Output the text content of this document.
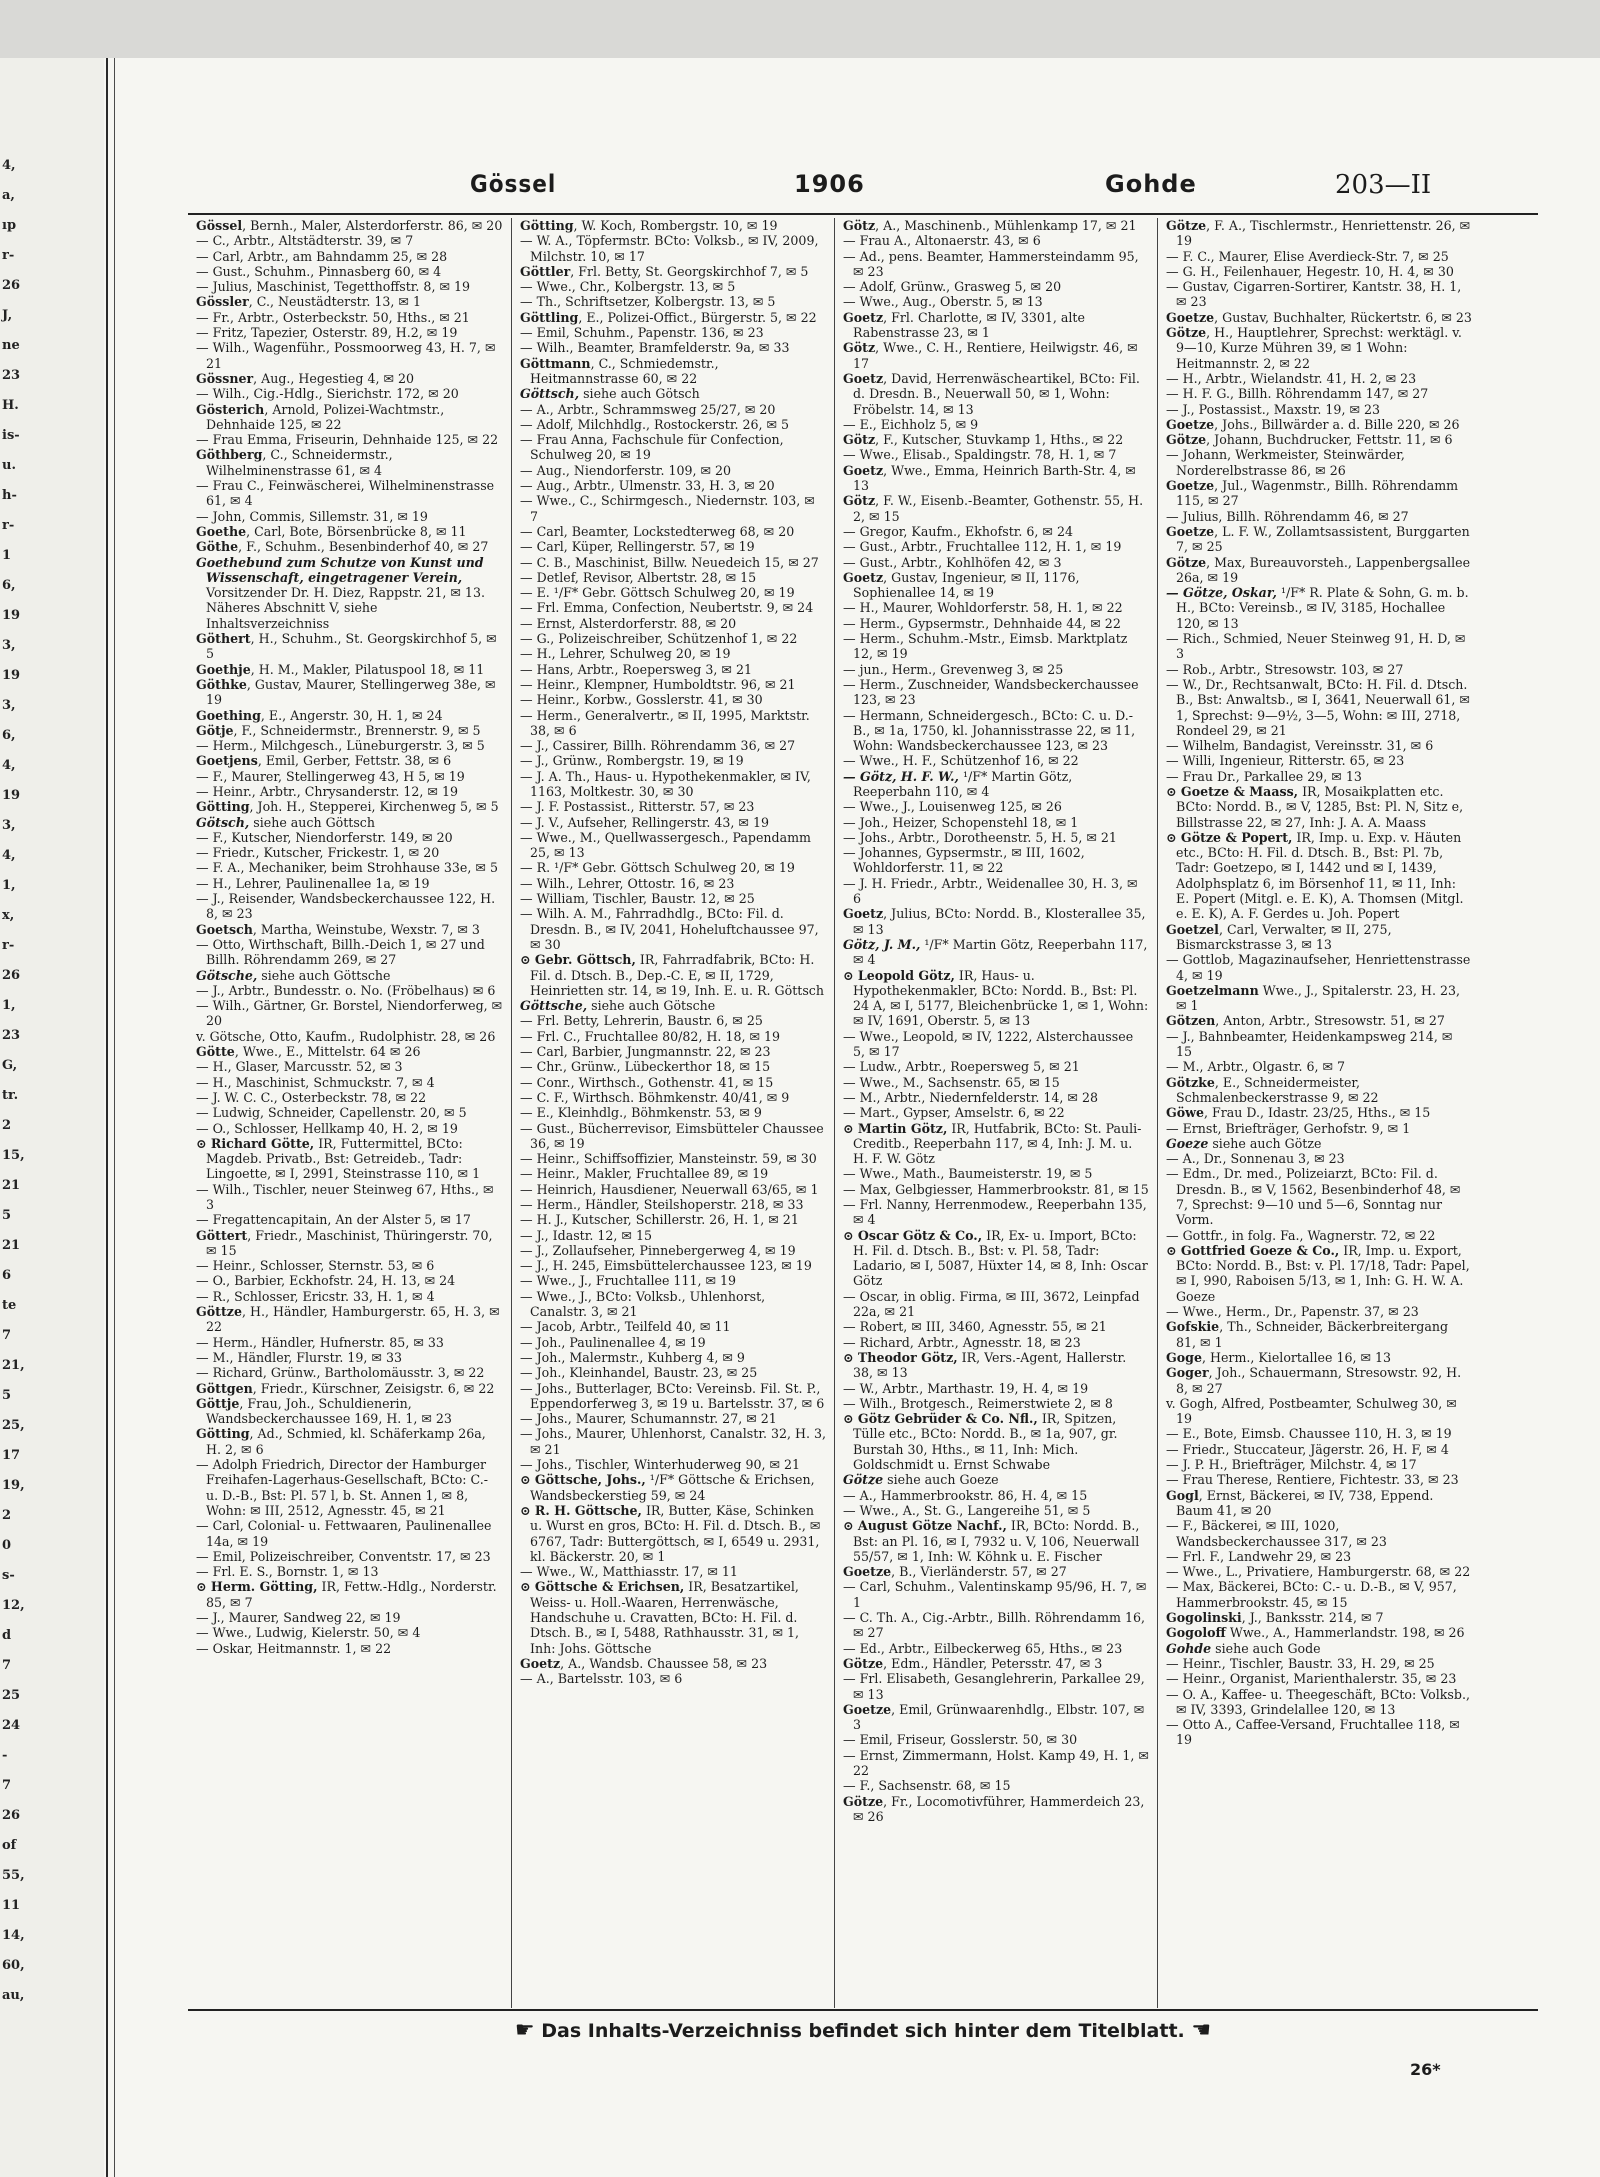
4,
a,
ıp
r-
26
J,
ne
23
H.
is-
u.
h-
r-
1
6,
19
3,
19
3,
6,
4,
19
3,
4,
1,
x,
r-
26
1,
23
G,
tr.
2
15,
21
5
21
6
te
7
21,
5
25,
17
19,
2
0
s-
12,
d
7
25
24
-
7
26
of
55,
11
14,
60,
au,
Gössel	1906	Gohde	203—II

Gössel, Bernh., Maler, Alsterdorferstr. 86, ✉ 20

— C., Arbtr., Altstädterstr. 39, ✉ 7

— Carl, Arbtr., am Bahndamm 25, ✉ 28

— Gust., Schuhm., Pinnasberg 60, ✉ 4

— Julius, Maschinist, Tegetthoffstr. 8, ✉ 19

Gössler, C., Neustädterstr. 13, ✉ 1

— Fr., Arbtr., Osterbeckstr. 50, Hths., ✉ 21

— Fritz, Tapezier, Osterstr. 89, H.2, ✉ 19

— Wilh., Wagenführ., Possmoorweg 43, H. 7, ✉ 21

Gössner, Aug., Hegestieg 4, ✉ 20

— Wilh., Cig.-Hdlg., Sierichstr. 172, ✉ 20

Gösterich, Arnold, Polizei-Wachtmstr., Dehnhaide 125, ✉ 22

— Frau Emma, Friseurin, Dehnhaide 125, ✉ 22

Göthberg, C., Schneidermstr., Wilhelminenstrasse 61, ✉ 4

— Frau C., Feinwäscherei, Wilhelminenstrasse 61, ✉ 4

— John, Commis, Sillemstr. 31, ✉ 19

Goethe, Carl, Bote, Börsenbrücke 8, ✉ 11

Göthe, F., Schuhm., Besenbinderhof 40, ✉ 27

Goethebund zum Schutze von Kunst und Wissenschaft, eingetragener Verein, Vorsitzender Dr. H. Diez, Rappstr. 21, ✉ 13. Näheres Abschnitt V, siehe Inhaltsverzeichniss

Göthert, H., Schuhm., St. Georgskirchhof 5, ✉ 5

Goethje, H. M., Makler, Pilatuspool 18, ✉ 11

Göthke, Gustav, Maurer, Stellingerweg 38e, ✉ 19

Goething, E., Angerstr. 30, H. 1, ✉ 24

Götje, F., Schneidermstr., Brennerstr. 9, ✉ 5

— Herm., Milchgesch., Lüneburgerstr. 3, ✉ 5

Goetjens, Emil, Gerber, Fettstr. 38, ✉ 6

— F., Maurer, Stellingerweg 43, H 5, ✉ 19

— Heinr., Arbtr., Chrysanderstr. 12, ✉ 19

Götting, Joh. H., Stepperei, Kirchenweg 5, ✉ 5

Götsch, siehe auch Göttsch

— F., Kutscher, Niendorferstr. 149, ✉ 20

— Friedr., Kutscher, Frickestr. 1, ✉ 20

— F. A., Mechaniker, beim Strohhause 33e, ✉ 5

— H., Lehrer, Paulinenallee 1a, ✉ 19

— J., Reisender, Wandsbeckerchaussee 122, H. 8, ✉ 23

Goetsch, Martha, Weinstube, Wexstr. 7, ✉ 3

— Otto, Wirthschaft, Billh.-Deich 1, ✉ 27 und Billh. Röhrendamm 269, ✉ 27

Götsche, siehe auch Göttsche

— J., Arbtr., Bundesstr. o. No. (Fröbelhaus) ✉ 6

— Wilh., Gärtner, Gr. Borstel, Niendorferweg, ✉ 20

v. Götsche, Otto, Kaufm., Rudolphistr. 28, ✉ 26

Götte, Wwe., E., Mittelstr. 64 ✉ 26

— H., Glaser, Marcusstr. 52, ✉ 3

— H., Maschinist, Schmuckstr. 7, ✉ 4

— J. W. C. C., Osterbeckstr. 78, ✉ 22

— Ludwig, Schneider, Capellenstr. 20, ✉ 5

— O., Schlosser, Hellkamp 40, H. 2, ✉ 19

⊙ Richard Götte, IR, Futtermittel, BCto: Magdeb. Privatb., Bst: Getreideb., Tadr: Lingoette, ✉ I, 2991, Steinstrasse 110, ✉ 1

— Wilh., Tischler, neuer Steinweg 67, Hths., ✉ 3

— Fregattencapitain, An der Alster 5, ✉ 17

Göttert, Friedr., Maschinist, Thüringerstr. 70, ✉ 15

— Heinr., Schlosser, Sternstr. 53, ✉ 6

— O., Barbier, Eckhofstr. 24, H. 13, ✉ 24

— R., Schlosser, Ericstr. 33, H. 1, ✉ 4

Göttze, H., Händler, Hamburgerstr. 65, H. 3, ✉ 22

— Herm., Händler, Hufnerstr. 85, ✉ 33

— M., Händler, Flurstr. 19, ✉ 33

— Richard, Grünw., Bartholomäusstr. 3, ✉ 22

Göttgen, Friedr., Kürschner, Zeisigstr. 6, ✉ 22

Göttje, Frau, Joh., Schuldienerin, Wandsbeckerchaussee 169, H. 1, ✉ 23

Götting, Ad., Schmied, kl. Schäferkamp 26a, H. 2, ✉ 6

— Adolph Friedrich, Director der Hamburger Freihafen-Lagerhaus-Gesellschaft, BCto: C.- u. D.-B., Bst: Pl. 57 l, b. St. Annen 1, ✉ 8, Wohn: ✉ III, 2512, Agnesstr. 45, ✉ 21

— Carl, Colonial- u. Fettwaaren, Paulinenallee 14a, ✉ 19

— Emil, Polizeischreiber, Conventstr. 17, ✉ 23

— Frl. E. S., Bornstr. 1, ✉ 13

⊙ Herm. Götting, IR, Fettw.-Hdlg., Norderstr. 85, ✉ 7

— J., Maurer, Sandweg 22, ✉ 19

— Wwe., Ludwig, Kielerstr. 50, ✉ 4

— Oskar, Heitmannstr. 1, ✉ 22

Götting, W. Koch, Rombergstr. 10, ✉ 19

— W. A., Töpfermstr. BCto: Volksb., ✉ IV, 2009, Milchstr. 10, ✉ 17

Göttler, Frl. Betty, St. Georgskirchhof 7, ✉ 5

— Wwe., Chr., Kolbergstr. 13, ✉ 5

— Th., Schriftsetzer, Kolbergstr. 13, ✉ 5

Göttling, E., Polizei-Offict., Bürgerstr. 5, ✉ 22

— Emil, Schuhm., Papenstr. 136, ✉ 23

— Wilh., Beamter, Bramfelderstr. 9a, ✉ 33

Göttmann, C., Schmiedemstr., Heitmannstrasse 60, ✉ 22

Göttsch, siehe auch Götsch

— A., Arbtr., Schrammsweg 25/27, ✉ 20

— Adolf, Milchhdlg., Rostockerstr. 26, ✉ 5

— Frau Anna, Fachschule für Confection, Schulweg 20, ✉ 19

— Aug., Niendorferstr. 109, ✉ 20

— Aug., Arbtr., Ulmenstr. 33, H. 3, ✉ 20

— Wwe., C., Schirmgesch., Niedernstr. 103, ✉ 7

— Carl, Beamter, Lockstedterweg 68, ✉ 20

— Carl, Küper, Rellingerstr. 57, ✉ 19

— C. B., Maschinist, Billw. Neuedeich 15, ✉ 27

— Detlef, Revisor, Albertstr. 28, ✉ 15

— E. ¹/F* Gebr. Göttsch Schulweg 20, ✉ 19

— Frl. Emma, Confection, Neubertstr. 9, ✉ 24

— Ernst, Alsterdorferstr. 88, ✉ 20

— G., Polizeischreiber, Schützenhof 1, ✉ 22

— H., Lehrer, Schulweg 20, ✉ 19

— Hans, Arbtr., Roepersweg 3, ✉ 21

— Heinr., Klempner, Humboldtstr. 96, ✉ 21

— Heinr., Korbw., Gosslerstr. 41, ✉ 30

— Herm., Generalvertr., ✉ II, 1995, Marktstr. 38, ✉ 6

— J., Cassirer, Billh. Röhrendamm 36, ✉ 27

— J., Grünw., Rombergstr. 19, ✉ 19

— J. A. Th., Haus- u. Hypothekenmakler, ✉ IV, 1163, Moltkestr. 30, ✉ 30

— J. F. Postassist., Ritterstr. 57, ✉ 23

— J. V., Aufseher, Rellingerstr. 43, ✉ 19

— Wwe., M., Quellwassergesch., Papendamm 25, ✉ 13

— R. ¹/F* Gebr. Göttsch Schulweg 20, ✉ 19

— Wilh., Lehrer, Ottostr. 16, ✉ 23

— William, Tischler, Baustr. 12, ✉ 25

— Wilh. A. M., Fahrradhdlg., BCto: Fil. d. Dresdn. B., ✉ IV, 2041, Hoheluftchaussee 97, ✉ 30

⊙ Gebr. Göttsch, IR, Fahrradfabrik, BCto: H. Fil. d. Dtsch. B., Dep.-C. E, ✉ II, 1729, Heinrietten str. 14, ✉ 19, Inh. E. u. R. Göttsch

Göttsche, siehe auch Götsche

— Frl. Betty, Lehrerin, Baustr. 6, ✉ 25

— Frl. C., Fruchtallee 80/82, H. 18, ✉ 19

— Carl, Barbier, Jungmannstr. 22, ✉ 23

— Chr., Grünw., Lübeckerthor 18, ✉ 15

— Conr., Wirthsch., Gothenstr. 41, ✉ 15

— C. F., Wirthsch. Böhmkenstr. 40/41, ✉ 9

— E., Kleinhdlg., Böhmkenstr. 53, ✉ 9

— Gust., Bücherrevisor, Eimsbütteler Chaussee 36, ✉ 19

— Heinr., Schiffsoffizier, Mansteinstr. 59, ✉ 30

— Heinr., Makler, Fruchtallee 89, ✉ 19

— Heinrich, Hausdiener, Neuerwall 63/65, ✉ 1

— Herm., Händler, Steilshoperstr. 218, ✉ 33

— H. J., Kutscher, Schillerstr. 26, H. 1, ✉ 21

— J., Idastr. 12, ✉ 15

— J., Zollaufseher, Pinnebergerweg 4, ✉ 19

— J., H. 245, Eimsbüttelerchaussee 123, ✉ 19

— Wwe., J., Fruchtallee 111, ✉ 19

— Wwe., J., BCto: Volksb., Uhlenhorst, Canalstr. 3, ✉ 21

— Jacob, Arbtr., Teilfeld 40, ✉ 11

— Joh., Paulinenallee 4, ✉ 19

— Joh., Malermstr., Kuhberg 4, ✉ 9

— Joh., Kleinhandel, Baustr. 23, ✉ 25

— Johs., Butterlager, BCto: Vereinsb. Fil. St. P., Eppendorferweg 3, ✉ 19 u. Bartelsstr. 37, ✉ 6

— Johs., Maurer, Schumannstr. 27, ✉ 21

— Johs., Maurer, Uhlenhorst, Canalstr. 32, H. 3, ✉ 21

— Johs., Tischler, Winterhuderweg 90, ✉ 21

⊙ Göttsche, Johs., ¹/F* Göttsche & Erichsen, Wandsbeckerstieg 59, ✉ 24

⊙ R. H. Göttsche, IR, Butter, Käse, Schinken u. Wurst en gros, BCto: H. Fil. d. Dtsch. B., ✉ 6767, Tadr: Buttergöttsch, ✉ I, 6549 u. 2931, kl. Bäckerstr. 20, ✉ 1

— Wwe., W., Matthiasstr. 17, ✉ 11

⊙ Göttsche & Erichsen, IR, Besatzartikel, Weiss- u. Holl.-Waaren, Herrenwäsche, Handschuhe u. Cravatten, BCto: H. Fil. d. Dtsch. B., ✉ I, 5488, Rathhausstr. 31, ✉ 1, Inh: Johs. Göttsche

Goetz, A., Wandsb. Chaussee 58, ✉ 23

— A., Bartelsstr. 103, ✉ 6

Götz, A., Maschinenb., Mühlenkamp 17, ✉ 21

— Frau A., Altonaerstr. 43, ✉ 6

— Ad., pens. Beamter, Hammersteindamm 95, ✉ 23

— Adolf, Grünw., Grasweg 5, ✉ 20

— Wwe., Aug., Oberstr. 5, ✉ 13

Goetz, Frl. Charlotte, ✉ IV, 3301, alte Rabenstrasse 23, ✉ 1

Götz, Wwe., C. H., Rentiere, Heilwigstr. 46, ✉ 17

Goetz, David, Herrenwäscheartikel, BCto: Fil. d. Dresdn. B., Neuerwall 50, ✉ 1, Wohn: Fröbelstr. 14, ✉ 13

— E., Eichholz 5, ✉ 9

Götz, F., Kutscher, Stuvkamp 1, Hths., ✉ 22

— Wwe., Elisab., Spaldingstr. 78, H. 1, ✉ 7

Goetz, Wwe., Emma, Heinrich Barth-Str. 4, ✉ 13

Götz, F. W., Eisenb.-Beamter, Gothenstr. 55, H. 2, ✉ 15

— Gregor, Kaufm., Ekhofstr. 6, ✉ 24

— Gust., Arbtr., Fruchtallee 112, H. 1, ✉ 19

— Gust., Arbtr., Kohlhöfen 42, ✉ 3

Goetz, Gustav, Ingenieur, ✉ II, 1176, Sophienallee 14, ✉ 19

— H., Maurer, Wohldorferstr. 58, H. 1, ✉ 22

— Herm., Gypsermstr., Dehnhaide 44, ✉ 22

— Herm., Schuhm.-Mstr., Eimsb. Marktplatz 12, ✉ 19

— jun., Herm., Grevenweg 3, ✉ 25

— Herm., Zuschneider, Wandsbeckerchaussee 123, ✉ 23

— Hermann, Schneidergesch., BCto: C. u. D.-B., ✉ 1a, 1750, kl. Johannisstrasse 22, ✉ 11, Wohn: Wandsbeckerchaussee 123, ✉ 23

— Wwe., H. F., Schützenhof 16, ✉ 22

— Götz, H. F. W., ¹/F* Martin Götz, Reeperbahn 110, ✉ 4

— Wwe., J., Louisenweg 125, ✉ 26

— Joh., Heizer, Schopenstehl 18, ✉ 1

— Johs., Arbtr., Dorotheenstr. 5, H. 5, ✉ 21

— Johannes, Gypsermstr., ✉ III, 1602, Wohldorferstr. 11, ✉ 22

— J. H. Friedr., Arbtr., Weidenallee 30, H. 3, ✉ 6

Goetz, Julius, BCto: Nordd. B., Klosterallee 35, ✉ 13

Götz, J. M., ¹/F* Martin Götz, Reeperbahn 117, ✉ 4

⊙ Leopold Götz, IR, Haus- u. Hypothekenmakler, BCto: Nordd. B., Bst: Pl. 24 A, ✉ I, 5177, Bleichenbrücke 1, ✉ 1, Wohn: ✉ IV, 1691, Oberstr. 5, ✉ 13

— Wwe., Leopold, ✉ IV, 1222, Alsterchaussee 5, ✉ 17

— Ludw., Arbtr., Roepersweg 5, ✉ 21

— Wwe., M., Sachsenstr. 65, ✉ 15

— M., Arbtr., Niedernfelderstr. 14, ✉ 28

— Mart., Gypser, Amselstr. 6, ✉ 22

⊙ Martin Götz, IR, Hutfabrik, BCto: St. Pauli-Creditb., Reeperbahn 117, ✉ 4, Inh: J. M. u. H. F. W. Götz

— Wwe., Math., Baumeisterstr. 19, ✉ 5

— Max, Gelbgiesser, Hammerbrookstr. 81, ✉ 15

— Frl. Nanny, Herrenmodew., Reeperbahn 135, ✉ 4

⊙ Oscar Götz & Co., IR, Ex- u. Import, BCto: H. Fil. d. Dtsch. B., Bst: v. Pl. 58, Tadr: Ladario, ✉ I, 5087, Hüxter 14, ✉ 8, Inh: Oscar Götz

— Oscar, in oblig. Firma, ✉ III, 3672, Leinpfad 22a, ✉ 21

— Robert, ✉ III, 3460, Agnesstr. 55, ✉ 21

— Richard, Arbtr., Agnesstr. 18, ✉ 23

⊙ Theodor Götz, IR, Vers.-Agent, Hallerstr. 38, ✉ 13

— W., Arbtr., Marthastr. 19, H. 4, ✉ 19

— Wilh., Brotgesch., Reimerstwiete 2, ✉ 8

⊙ Götz Gebrüder & Co. Nfl., IR, Spitzen, Tülle etc., BCto: Nordd. B., ✉ 1a, 907, gr. Burstah 30, Hths., ✉ 11, Inh: Mich. Goldschmidt u. Ernst Schwabe

Götze siehe auch Goeze

— A., Hammerbrookstr. 86, H. 4, ✉ 15

— Wwe., A., St. G., Langereihe 51, ✉ 5

⊙ August Götze Nachf., IR, BCto: Nordd. B., Bst: an Pl. 16, ✉ I, 7932 u. V, 106, Neuerwall 55/57, ✉ 1, Inh: W. Köhnk u. E. Fischer

Goetze, B., Vierländerstr. 57, ✉ 27

— Carl, Schuhm., Valentinskamp 95/96, H. 7, ✉ 1

— C. Th. A., Cig.-Arbtr., Billh. Röhrendamm 16, ✉ 27

— Ed., Arbtr., Eilbeckerweg 65, Hths., ✉ 23

Götze, Edm., Händler, Petersstr. 47, ✉ 3

— Frl. Elisabeth, Gesanglehrerin, Parkallee 29, ✉ 13

Goetze, Emil, Grünwaarenhdlg., Elbstr. 107, ✉ 3

— Emil, Friseur, Gosslerstr. 50, ✉ 30

— Ernst, Zimmermann, Holst. Kamp 49, H. 1, ✉ 22

— F., Sachsenstr. 68, ✉ 15

Götze, Fr., Locomotivführer, Hammerdeich 23, ✉ 26

Götze, F. A., Tischlermstr., Henriettenstr. 26, ✉ 19

— F. C., Maurer, Elise Averdieck-Str. 7, ✉ 25

— G. H., Feilenhauer, Hegestr. 10, H. 4, ✉ 30

— Gustav, Cigarren-Sortirer, Kantstr. 38, H. 1, ✉ 23

Goetze, Gustav, Buchhalter, Rückertstr. 6, ✉ 23

Götze, H., Hauptlehrer, Sprechst: werktägl. v. 9—10, Kurze Mühren 39, ✉ 1 Wohn: Heitmannstr. 2, ✉ 22

— H., Arbtr., Wielandstr. 41, H. 2, ✉ 23

— H. F. G., Billh. Röhrendamm 147, ✉ 27

— J., Postassist., Maxstr. 19, ✉ 23

Goetze, Johs., Billwärder a. d. Bille 220, ✉ 26

Götze, Johann, Buchdrucker, Fettstr. 11, ✉ 6

— Johann, Werkmeister, Steinwärder, Norderelbstrasse 86, ✉ 26

Goetze, Jul., Wagenmstr., Billh. Röhrendamm 115, ✉ 27

— Julius, Billh. Röhrendamm 46, ✉ 27

Goetze, L. F. W., Zollamtsassistent, Burggarten 7, ✉ 25

Götze, Max, Bureauvorsteh., Lappenbergsallee 26a, ✉ 19

— Götze, Oskar, ¹/F* R. Plate & Sohn, G. m. b. H., BCto: Vereinsb., ✉ IV, 3185, Hochallee 120, ✉ 13

— Rich., Schmied, Neuer Steinweg 91, H. D, ✉ 3

— Rob., Arbtr., Stresowstr. 103, ✉ 27

— W., Dr., Rechtsanwalt, BCto: H. Fil. d. Dtsch. B., Bst: Anwaltsb., ✉ I, 3641, Neuerwall 61, ✉ 1, Sprechst: 9—9½, 3—5, Wohn: ✉ III, 2718, Rondeel 29, ✉ 21

— Wilhelm, Bandagist, Vereinsstr. 31, ✉ 6

— Willi, Ingenieur, Ritterstr. 65, ✉ 23

— Frau Dr., Parkallee 29, ✉ 13

⊙ Goetze & Maass, IR, Mosaikplatten etc. BCto: Nordd. B., ✉ V, 1285, Bst: Pl. N, Sitz e, Billstrasse 22, ✉ 27, Inh: J. A. A. Maass

⊙ Götze & Popert, IR, Imp. u. Exp. v. Häuten etc., BCto: H. Fil. d. Dtsch. B., Bst: Pl. 7b, Tadr: Goetzepo, ✉ I, 1442 und ✉ I, 1439, Adolphsplatz 6, im Börsenhof 11, ✉ 11, Inh: E. Popert (Mitgl. e. E. K), A. Thomsen (Mitgl. e. E. K), A. F. Gerdes u. Joh. Popert

Goetzel, Carl, Verwalter, ✉ II, 275, Bismarckstrasse 3, ✉ 13

— Gottlob, Magazinaufseher, Henriettenstrasse 4, ✉ 19

Goetzelmann Wwe., J., Spitalerstr. 23, H. 23, ✉ 1

Götzen, Anton, Arbtr., Stresowstr. 51, ✉ 27

— J., Bahnbeamter, Heidenkampsweg 214, ✉ 15

— M., Arbtr., Olgastr. 6, ✉ 7

Götzke, E., Schneidermeister, Schmalenbeckerstrasse 9, ✉ 22

Göwe, Frau D., Idastr. 23/25, Hths., ✉ 15

— Ernst, Briefträger, Gerhofstr. 9, ✉ 1

Goeze siehe auch Götze

— A., Dr., Sonnenau 3, ✉ 23

— Edm., Dr. med., Polizeiarzt, BCto: Fil. d. Dresdn. B., ✉ V, 1562, Besenbinderhof 48, ✉ 7, Sprechst: 9—10 und 5—6, Sonntag nur Vorm.

— Gottfr., in folg. Fa., Wagnerstr. 72, ✉ 22

⊙ Gottfried Goeze & Co., IR, Imp. u. Export, BCto: Nordd. B., Bst: v. Pl. 17/18, Tadr: Papel, ✉ I, 990, Raboisen 5/13, ✉ 1, Inh: G. H. W. A. Goeze

— Wwe., Herm., Dr., Papenstr. 37, ✉ 23

Gofskie, Th., Schneider, Bäckerbreitergang 81, ✉ 1

Goge, Herm., Kielortallee 16, ✉ 13

Goger, Joh., Schauermann, Stresowstr. 92, H. 8, ✉ 27

v. Gogh, Alfred, Postbeamter, Schulweg 30, ✉ 19

— E., Bote, Eimsb. Chaussee 110, H. 3, ✉ 19

— Friedr., Stuccateur, Jägerstr. 26, H. F, ✉ 4

— J. P. H., Briefträger, Milchstr. 4, ✉ 17

— Frau Therese, Rentiere, Fichtestr. 33, ✉ 23

Gogl, Ernst, Bäckerei, ✉ IV, 738, Eppend. Baum 41, ✉ 20

— F., Bäckerei, ✉ III, 1020, Wandsbeckerchaussee 317, ✉ 23

— Frl. F., Landwehr 29, ✉ 23

— Wwe., L., Privatiere, Hamburgerstr. 68, ✉ 22

— Max, Bäckerei, BCto: C.- u. D.-B., ✉ V, 957, Hammerbrookstr. 45, ✉ 15

Gogolinski, J., Banksstr. 214, ✉ 7

Gogoloff Wwe., A., Hammerlandstr. 198, ✉ 26

Gohde siehe auch Gode

— Heinr., Tischler, Baustr. 33, H. 29, ✉ 25

— Heinr., Organist, Marienthalerstr. 35, ✉ 23

— O. A., Kaffee- u. Theegeschäft, BCto: Volksb., ✉ IV, 3393, Grindelallee 120, ✉ 13

— Otto A., Caffee-Versand, Fruchtallee 118, ✉ 19

☛ Das Inhalts-Verzeichniss befindet sich hinter dem Titelblatt. ☚
26*
